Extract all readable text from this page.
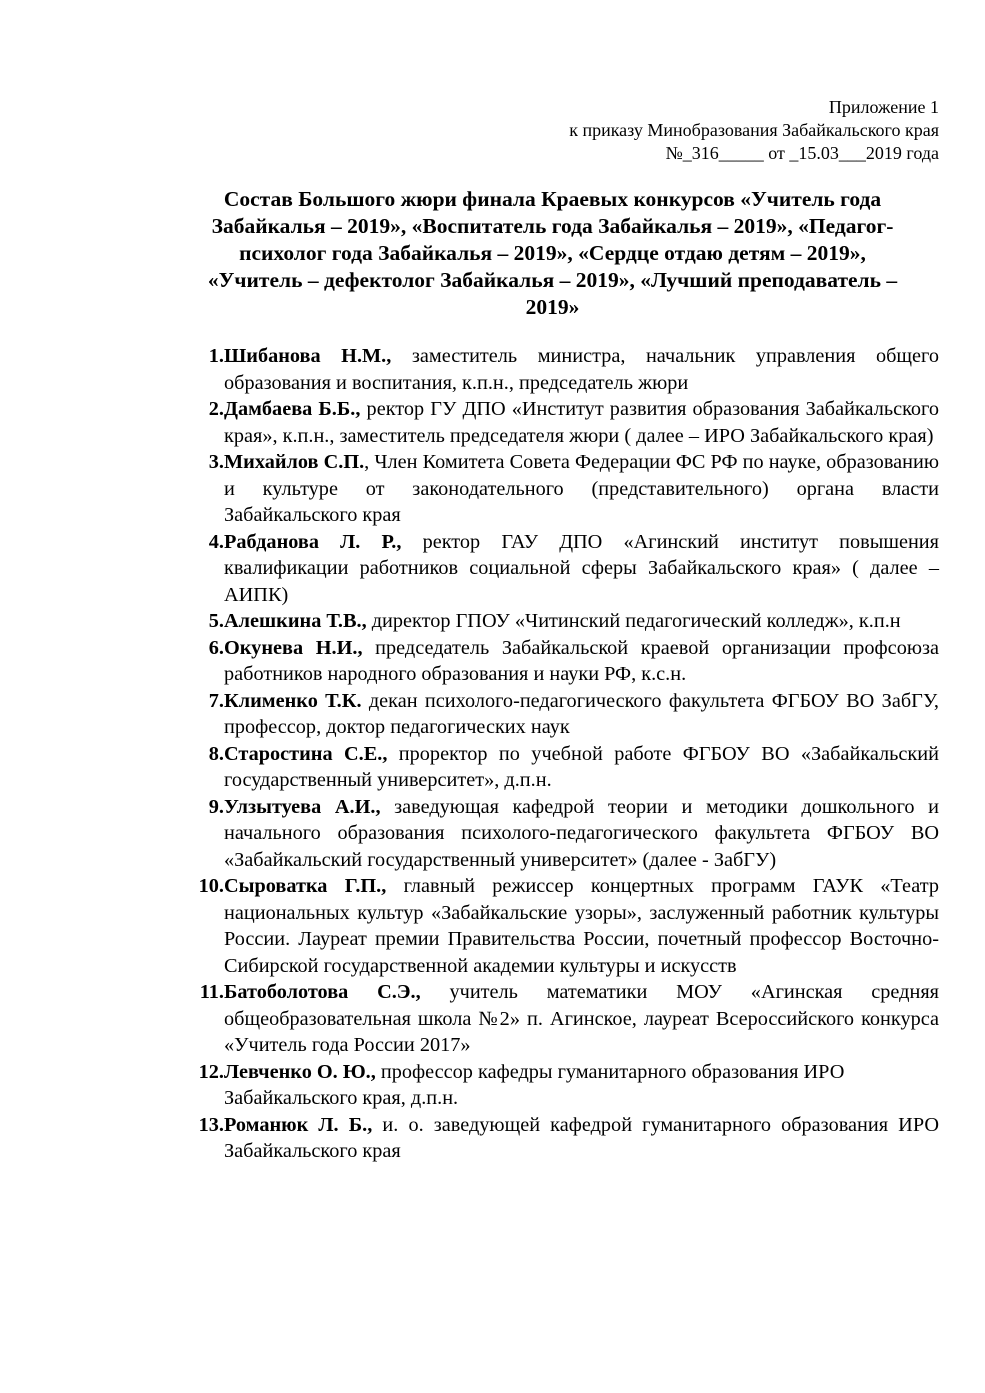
Приложение 1
к приказу Минобразования Забайкальского края
№_316_____ от _15.03___2019 года
Состав Большого жюри финала Краевых конкурсов «Учитель года
Забайкалья – 2019», «Воспитатель года Забайкалья – 2019», «Педагог-
психолог года Забайкалья – 2019», «Сердце отдаю детям – 2019»,
«Учитель – дефектолог Забайкалья – 2019», «Лучший преподаватель –
2019»
1. Шибанова Н.М., заместитель министра, начальник управления общего образования и воспитания, к.п.н., председатель жюри
2. Дамбаева Б.Б., ректор ГУ ДПО «Институт развития образования Забайкальского края», к.п.н., заместитель председателя жюри ( далее – ИРО Забайкальского края)
3. Михайлов С.П., Член Комитета Совета Федерации ФС РФ по науке, образованию и культуре от законодательного (представительного) органа власти Забайкальского края
4. Рабданова Л. Р., ректор ГАУ ДПО «Агинский институт повышения квалификации работников социальной сферы Забайкальского края» ( далее – АИПК)
5. Алешкина Т.В., директор ГПОУ «Читинский педагогический колледж», к.п.н
6. Окунева Н.И., председатель Забайкальской краевой организации профсоюза работников народного образования и науки РФ, к.с.н.
7. Клименко Т.К. декан психолого-педагогического факультета ФГБОУ ВО ЗабГУ, профессор, доктор педагогических наук
8. Старостина С.Е., проректор по учебной работе ФГБОУ ВО «Забайкальский государственный университет», д.п.н.
9. Улзытуева А.И., заведующая кафедрой теории и методики дошкольного и начального образования психолого-педагогического факультета ФГБОУ ВО «Забайкальский государственный университет» (далее - ЗабГУ)
10. Сыроватка Г.П., главный режиссер концертных программ ГАУК «Театр национальных культур «Забайкальские узоры», заслуженный работник культуры России. Лауреат премии Правительства России, почетный профессор Восточно-Сибирской государственной академии культуры и искусств
11. Батоболотова С.Э., учитель математики МОУ «Агинская средняя общеобразовательная школа №2» п. Агинское, лауреат Всероссийского конкурса «Учитель года России 2017»
12. Левченко О. Ю., профессор кафедры гуманитарного образования ИРО Забайкальского края, д.п.н.
13. Романюк Л. Б., и. о. заведующей кафедрой гуманитарного образования ИРО Забайкальского края
